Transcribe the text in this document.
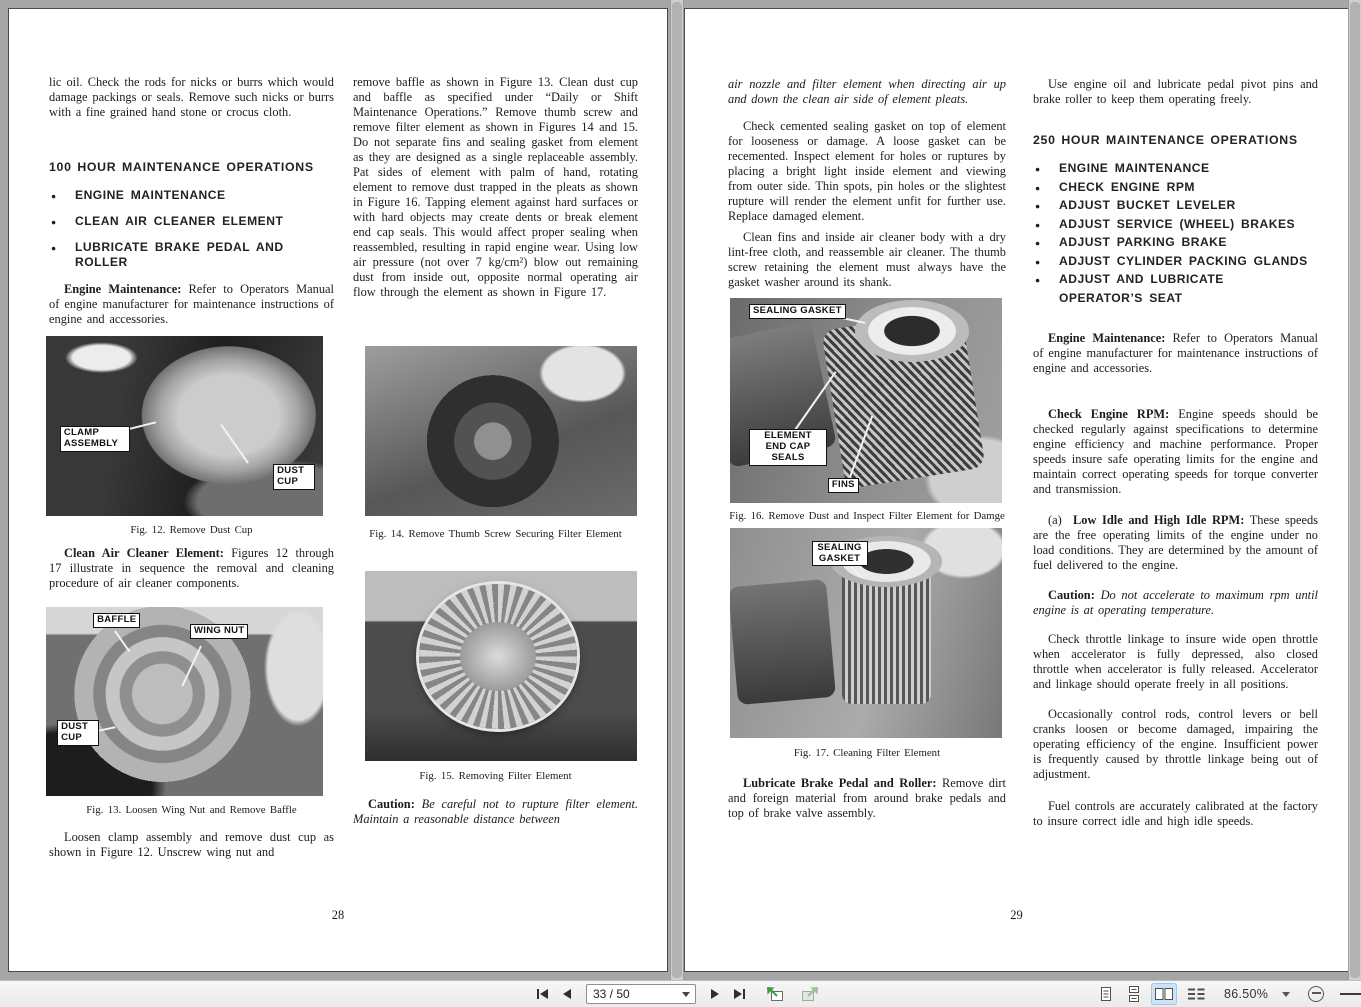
lic oil. Check the rods for nicks or burrs which would damage packings or seals. Remove such nicks or burrs with a fine grained hand stone or crocus cloth.

100 HOUR MAINTENANCE OPERATIONS

● ENGINE MAINTENANCE
● CLEAN AIR CLEANER ELEMENT
● LUBRICATE BRAKE PEDAL AND ROLLER

Engine Maintenance: Refer to Operators Manual of engine manufacturer for maintenance instructions of engine and accessories.

CLAMP ASSEMBLY
DUST CUP

Fig. 12. Remove Dust Cup

Clean Air Cleaner Element: Figures 12 through 17 illustrate in sequence the removal and cleaning procedure of air cleaner components.

BAFFLE
WING NUT
DUST CUP

Fig. 13. Loosen Wing Nut and Remove Baffle

Loosen clamp assembly and remove dust cup as shown in Figure 12. Unscrew wing nut and

remove baffle as shown in Figure 13. Clean dust cup and baffle as specified under “Daily or Shift Maintenance Operations.” Remove thumb screw and remove filter element as shown in Figures 14 and 15. Do not separate fins and sealing gasket from element as they are designed as a single replaceable assembly. Pat sides of element with palm of hand, rotating element to remove dust trapped in the pleats as shown in Figure 16. Tapping element against hard surfaces or with hard objects may create dents or break element end cap seals. This would affect proper sealing when reassembled, resulting in rapid engine wear. Using low air pressure (not over 7 kg/cm²) blow out remaining dust from inside out, opposite normal operating air flow through the element as shown in Figure 17.

Fig. 14. Remove Thumb Screw Securing Filter Element

Fig. 15. Removing Filter Element

Caution: Be careful not to rupture filter element. Maintain a reasonable distance between

28

air nozzle and filter element when directing air up and down the clean air side of element pleats.

Check cemented sealing gasket on top of element for looseness or damage. A loose gasket can be recemented. Inspect element for holes or ruptures by placing a bright light inside element and viewing from outer side. Thin spots, pin holes or the slightest rupture will render the element unfit for further use. Replace damaged element.

Clean fins and inside air cleaner body with a dry lint-free cloth, and reassemble air cleaner. The thumb screw retaining the element must always have the gasket washer around its shank.

SEALING GASKET
ELEMENT END CAP SEALS
FINS

Fig. 16. Remove Dust and Inspect Filter Element for Damge

SEALING GASKET

Fig. 17. Cleaning Filter Element

Lubricate Brake Pedal and Roller: Remove dirt and foreign material from around brake pedals and top of brake valve assembly.

Use engine oil and lubricate pedal pivot pins and brake roller to keep them operating freely.

250 HOUR MAINTENANCE OPERATIONS

● ENGINE MAINTENANCE
● CHECK ENGINE RPM
● ADJUST BUCKET LEVELER
● ADJUST SERVICE (WHEEL) BRAKES
● ADJUST PARKING BRAKE
● ADJUST CYLINDER PACKING GLANDS
● ADJUST AND LUBRICATE OPERATOR’S SEAT

Engine Maintenance: Refer to Operators Manual of engine manufacturer for maintenance instructions of engine and accessories.

Check Engine RPM: Engine speeds should be checked regularly against specifications to determine engine efficiency and machine performance. Proper speeds insure safe operating limits for the engine and maintain correct operating speeds for torque converter and transmission.

(a) Low Idle and High Idle RPM: These speeds are the free operating limits of the engine under no load conditions. They are determined by the amount of fuel delivered to the engine.

Caution: Do not accelerate to maximum rpm until engine is at operating temperature.

Check throttle linkage to insure wide open throttle when accelerator is fully depressed, also closed throttle when accelerator is fully released. Accelerator and linkage should operate freely in all positions.

Occasionally control rods, control levers or bell cranks loosen or become damaged, impairing the operating efficiency of the engine. Insufficient power is frequently caused by throttle linkage being out of adjustment.

Fuel controls are accurately calibrated at the factory to insure correct idle and high idle speeds.

29
33 / 50
86.50%
